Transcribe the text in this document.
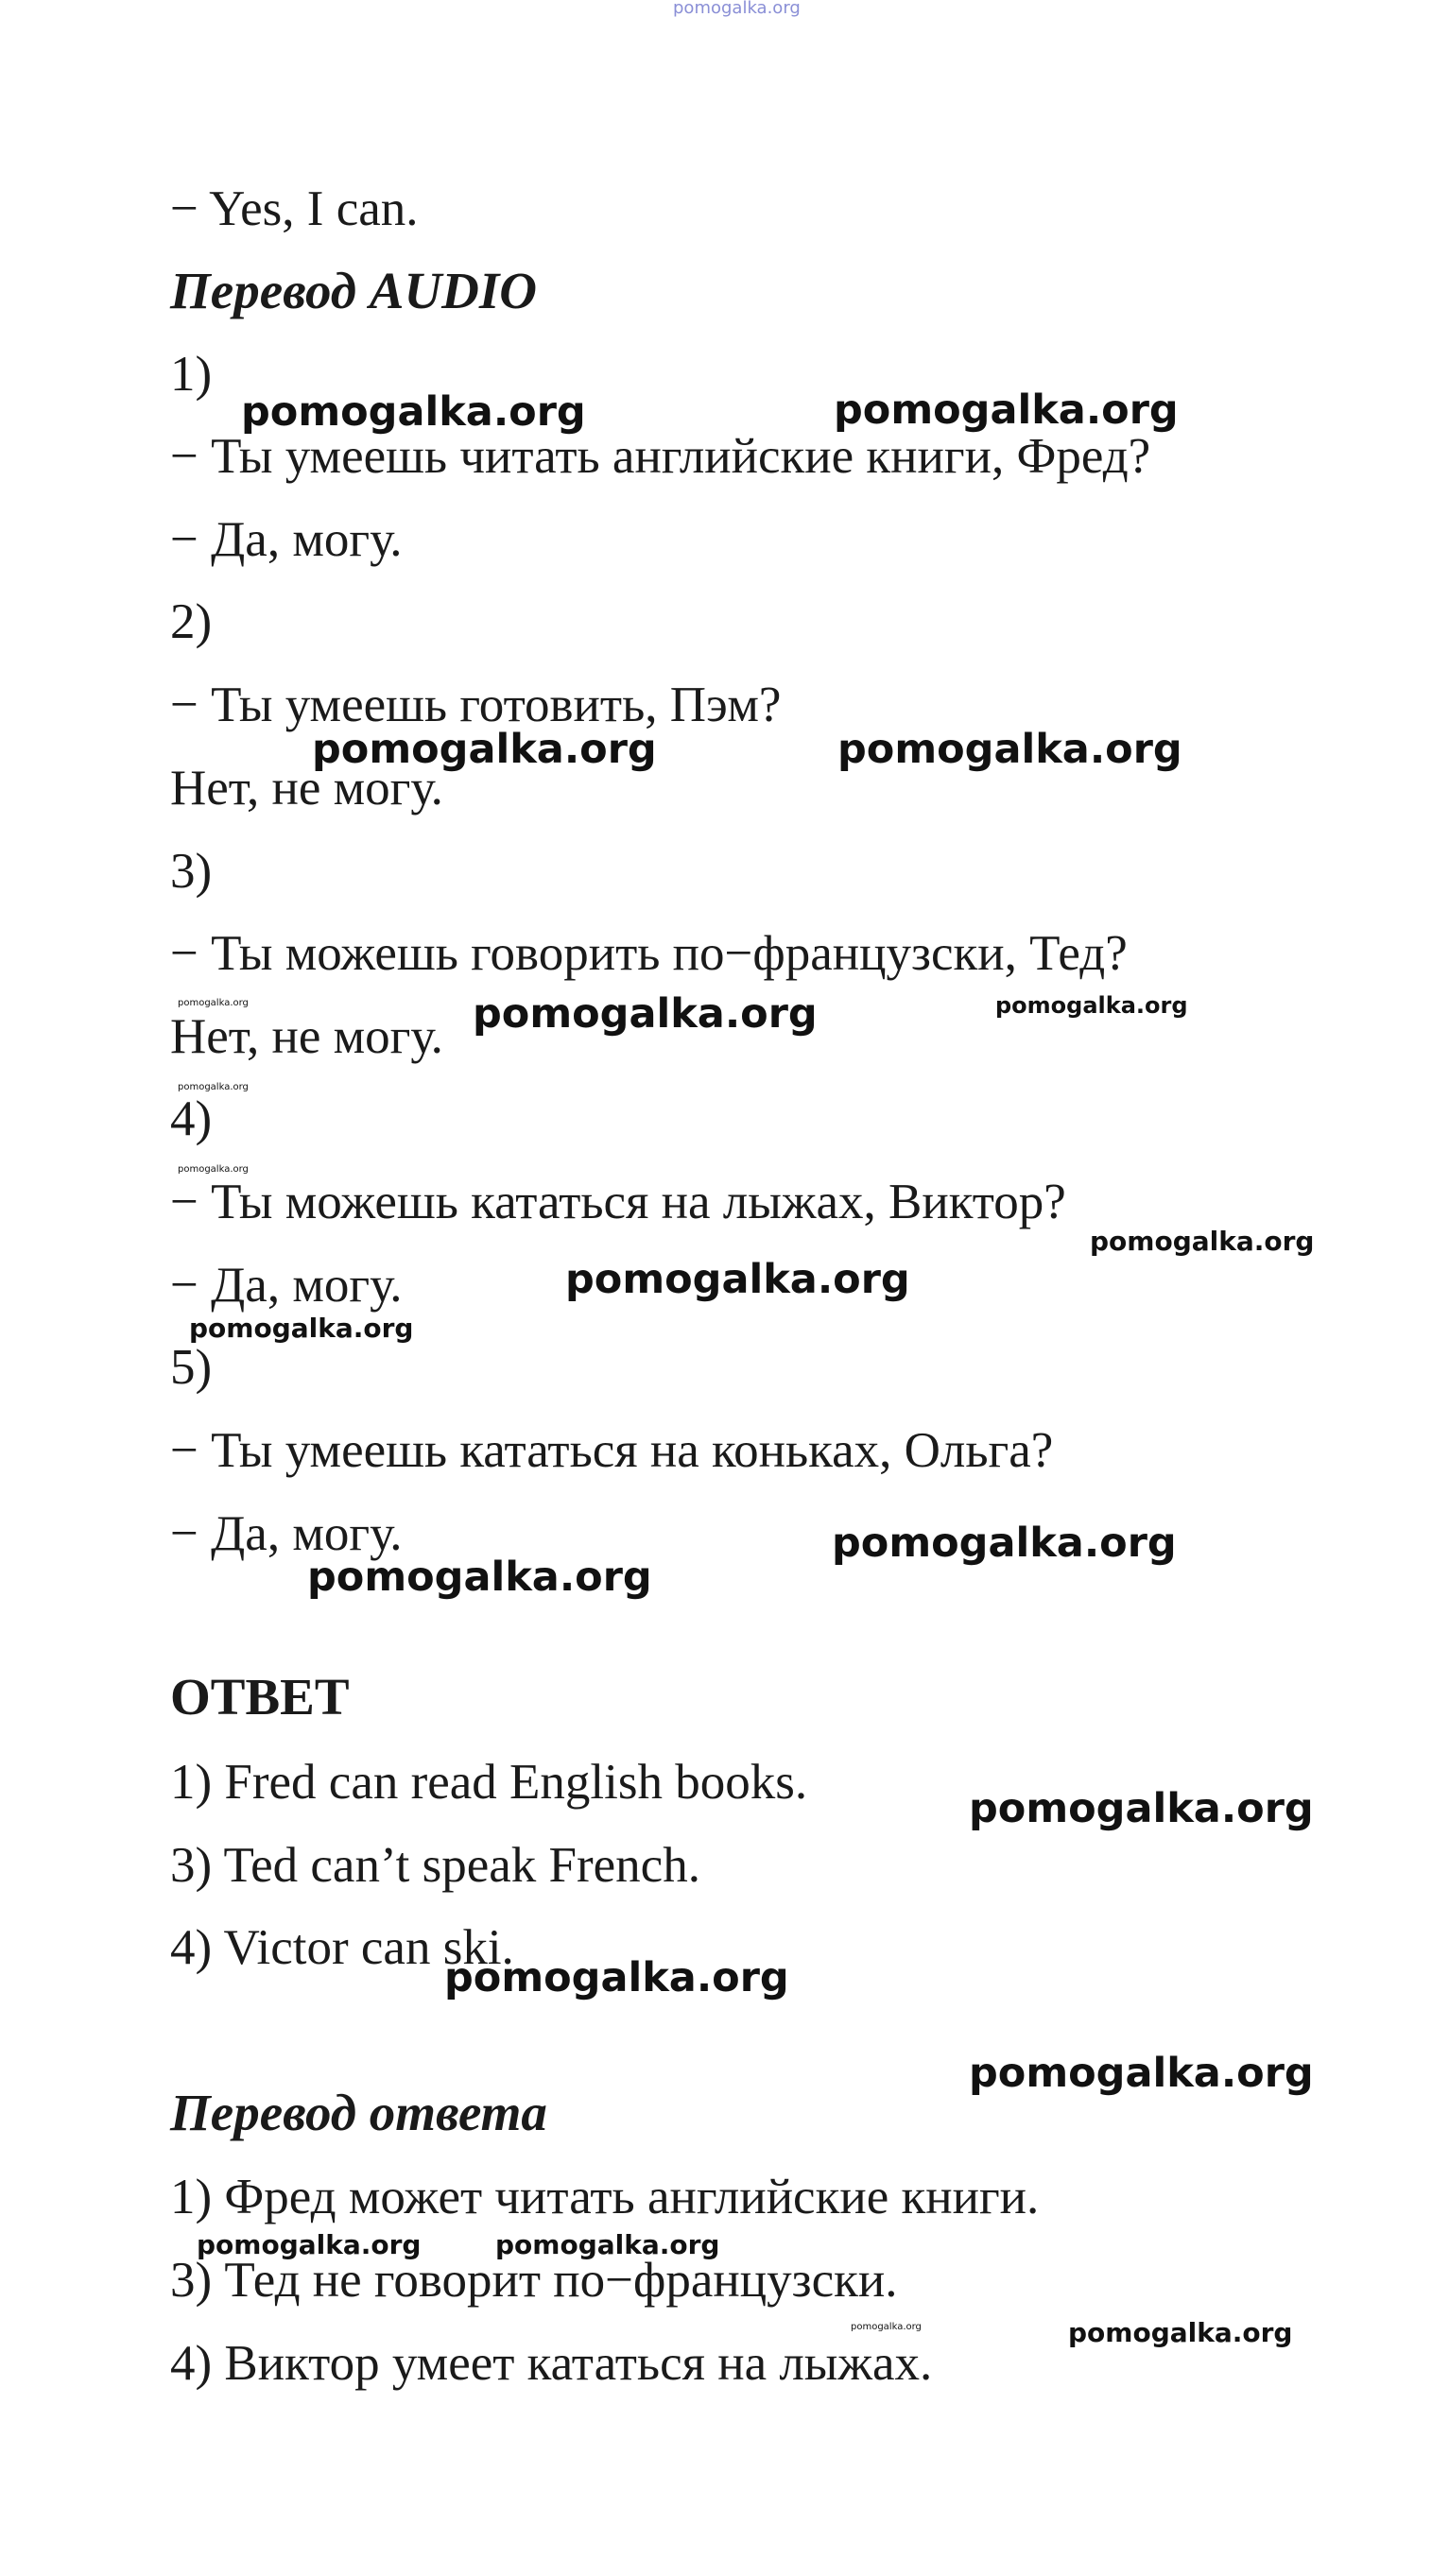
pomogalka.org
− Yes, I can.
Перевод AUDIO
1)
− Ты умеешь читать английские книги, Фред?
− Да, могу.
2)
− Ты умеешь готовить, Пэм?
Нет, не могу.
3)
− Ты можешь говорить по−французски, Тед?
Нет, не могу.
4)
− Ты можешь кататься на лыжах, Виктор?
− Да, могу.
5)
− Ты умеешь кататься на коньках, Ольга?
− Да, могу.
ОТВЕТ
1) Fred can read English books.
3) Ted can’t speak French.
4) Victor can ski.
Перевод ответа
1) Фред может читать английские книги.
3) Тед не говорит по−французски.
4) Виктор умеет кататься на лыжах.
pomogalka.org	pomogalka.org
pomogalka.org	pomogalka.org
pomogalka.org	pomogalka.org
pomogalka.org
pomogalka.org
pomogalka.org
pomogalka.org
pomogalka.org
pomogalka.org
pomogalka.org
pomogalka.org
pomogalka.org
pomogalka.org
pomogalka.org
pomogalka.org	pomogalka.org
pomogalka.org	pomogalka.org
